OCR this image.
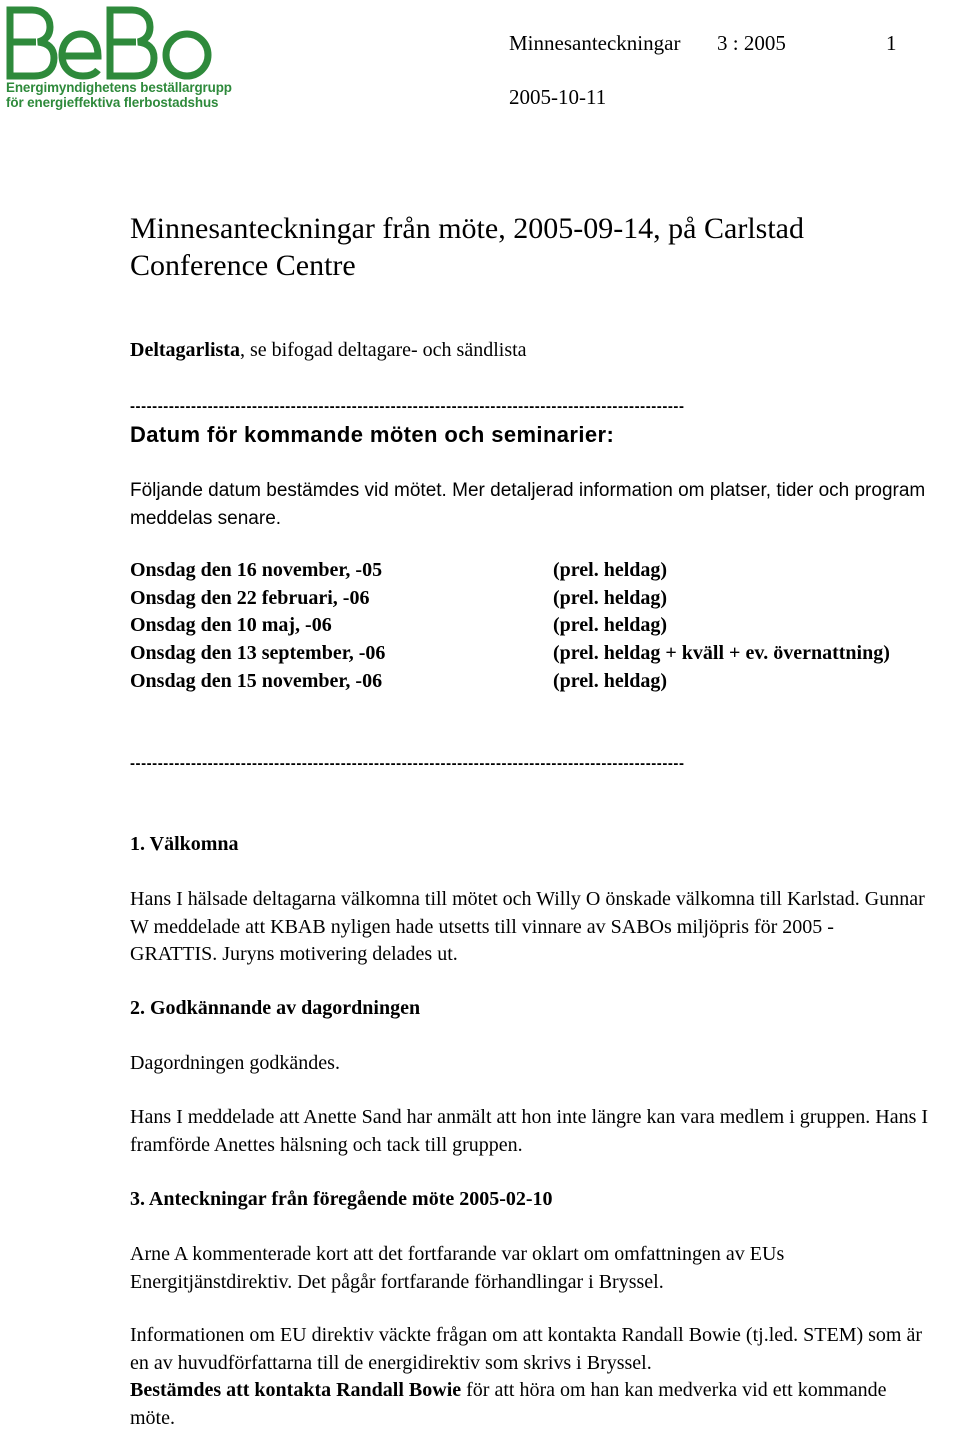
Energimyndighetens beställargrupp
för energieffektiva flerbostadshus
Minnesanteckningar 3 : 2005	1
2005-10-11
Minnesanteckningar från möte, 2005-09-14, på Carlstad Conference Centre
Deltagarlista, se bifogad deltagare- och sändlista
----------------------------------------------------------------------------------------------------
Datum för kommande möten och seminarier:

Följande datum bestämdes vid mötet. Mer detaljerad information om platser, tider och program meddelas senare.

Onsdag den 16 november, -05	(prel. heldag)
Onsdag den 22 februari, -06	(prel. heldag)
Onsdag den 10 maj, -06	(prel. heldag)
Onsdag den 13 september, -06	(prel. heldag + kväll + ev. övernattning)
Onsdag den 15 november, -06	(prel. heldag)
----------------------------------------------------------------------------------------------------
1. Välkomna

Hans I hälsade deltagarna välkomna till mötet och Willy O önskade välkomna till Karlstad. Gunnar W meddelade att KBAB nyligen hade utsetts till vinnare av SABOs miljöpris för 2005 - GRATTIS. Juryns motivering delades ut.

2. Godkännande av dagordningen

Dagordningen godkändes.

Hans I meddelade att Anette Sand har anmält att hon inte längre kan vara medlem i gruppen. Hans I framförde Anettes hälsning och tack till gruppen.

3. Anteckningar från föregående möte 2005-02-10

Arne A kommenterade kort att det fortfarande var oklart om omfattningen av EUs Energitjänstdirektiv. Det pågår fortfarande förhandlingar i Bryssel.

Informationen om EU direktiv väckte frågan om att kontakta Randall Bowie (tj.led. STEM) som är en av huvudförfattarna till de energidirektiv som skrivs i Bryssel.

Bestämdes att kontakta Randall Bowie för att höra om han kan medverka vid ett kommande möte.
